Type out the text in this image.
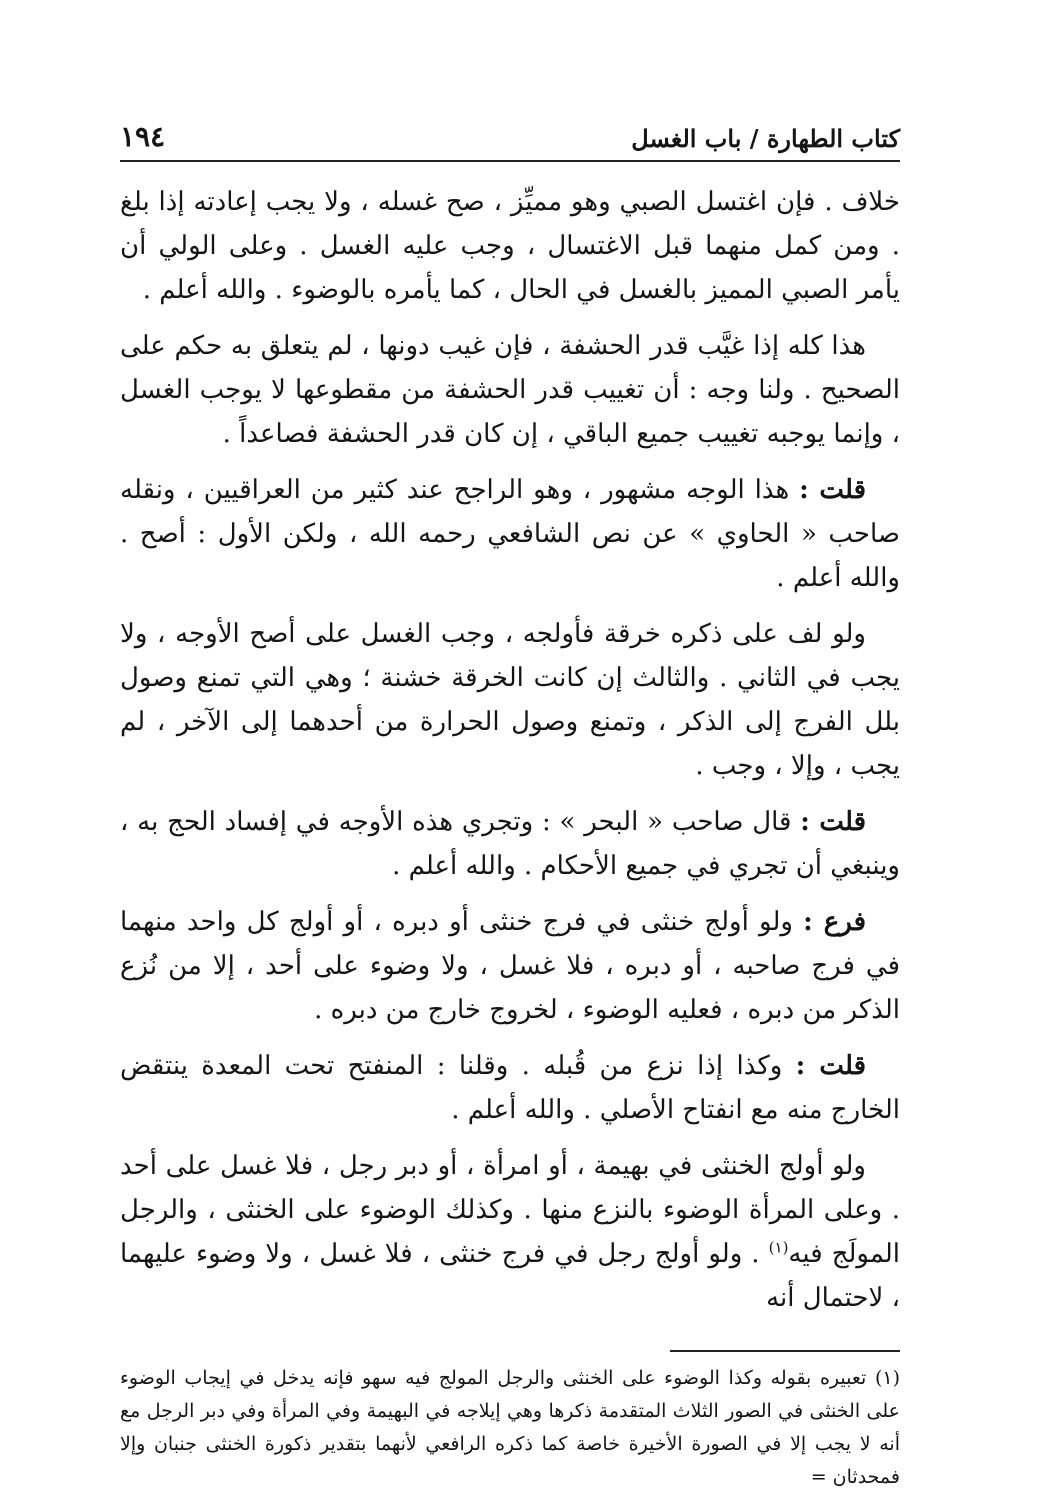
كتاب الطهارة / باب الغسل
١٩٤

خلاف . فإن اغتسل الصبي وهو مميِّز ، صح غسله ، ولا يجب إعادته إذا بلغ . ومن كمل منهما قبل الاغتسال ، وجب عليه الغسل . وعلى الولي أن يأمر الصبي المميز بالغسل في الحال ، كما يأمره بالوضوء . والله أعلم .

هذا كله إذا غيَّب قدر الحشفة ، فإن غيب دونها ، لم يتعلق به حكم على الصحيح . ولنا وجه : أن تغييب قدر الحشفة من مقطوعها لا يوجب الغسل ، وإنما يوجبه تغييب جميع الباقي ، إن كان قدر الحشفة فصاعداً .

قلت : هذا الوجه مشهور ، وهو الراجح عند كثير من العراقيين ، ونقله صاحب « الحاوي » عن نص الشافعي رحمه الله ، ولكن الأول : أصح . والله أعلم .

ولو لف على ذكره خرقة فأولجه ، وجب الغسل على أصح الأوجه ، ولا يجب في الثاني . والثالث إن كانت الخرقة خشنة ؛ وهي التي تمنع وصول بلل الفرج إلى الذكر ، وتمنع وصول الحرارة من أحدهما إلى الآخر ، لم يجب ، وإلا ، وجب .

قلت : قال صاحب « البحر » : وتجري هذه الأوجه في إفساد الحج به ، وينبغي أن تجري في جميع الأحكام . والله أعلم .

فرع : ولو أولج خنثى في فرج خنثى أو دبره ، أو أولج كل واحد منهما في فرج صاحبه ، أو دبره ، فلا غسل ، ولا وضوء على أحد ، إلا من نُزع الذكر من دبره ، فعليه الوضوء ، لخروج خارج من دبره .

قلت : وكذا إذا نزع من قُبله . وقلنا : المنفتح تحت المعدة ينتقض الخارج منه مع انفتاح الأصلي . والله أعلم .

ولو أولج الخنثى في بهيمة ، أو امرأة ، أو دبر رجل ، فلا غسل على أحد . وعلى المرأة الوضوء بالنزع منها . وكذلك الوضوء على الخنثى ، والرجل المولَج فيه$^{(١)}$ . ولو أولج رجل في فرج خنثى ، فلا غسل ، ولا وضوء عليهما ، لاحتمال أنه

(١) تعبيره بقوله وكذا الوضوء على الخنثى والرجل المولج فيه سهو فإنه يدخل في إيجاب الوضوء على الخنثى في الصور الثلاث المتقدمة ذكرها وهي إيلاجه في البهيمة وفي المرأة وفي دبر الرجل مع أنه لا يجب إلا في الصورة الأخيرة خاصة كما ذكره الرافعي لأنهما بتقدير ذكورة الخنثى جنبان وإلا فمحدثان =
